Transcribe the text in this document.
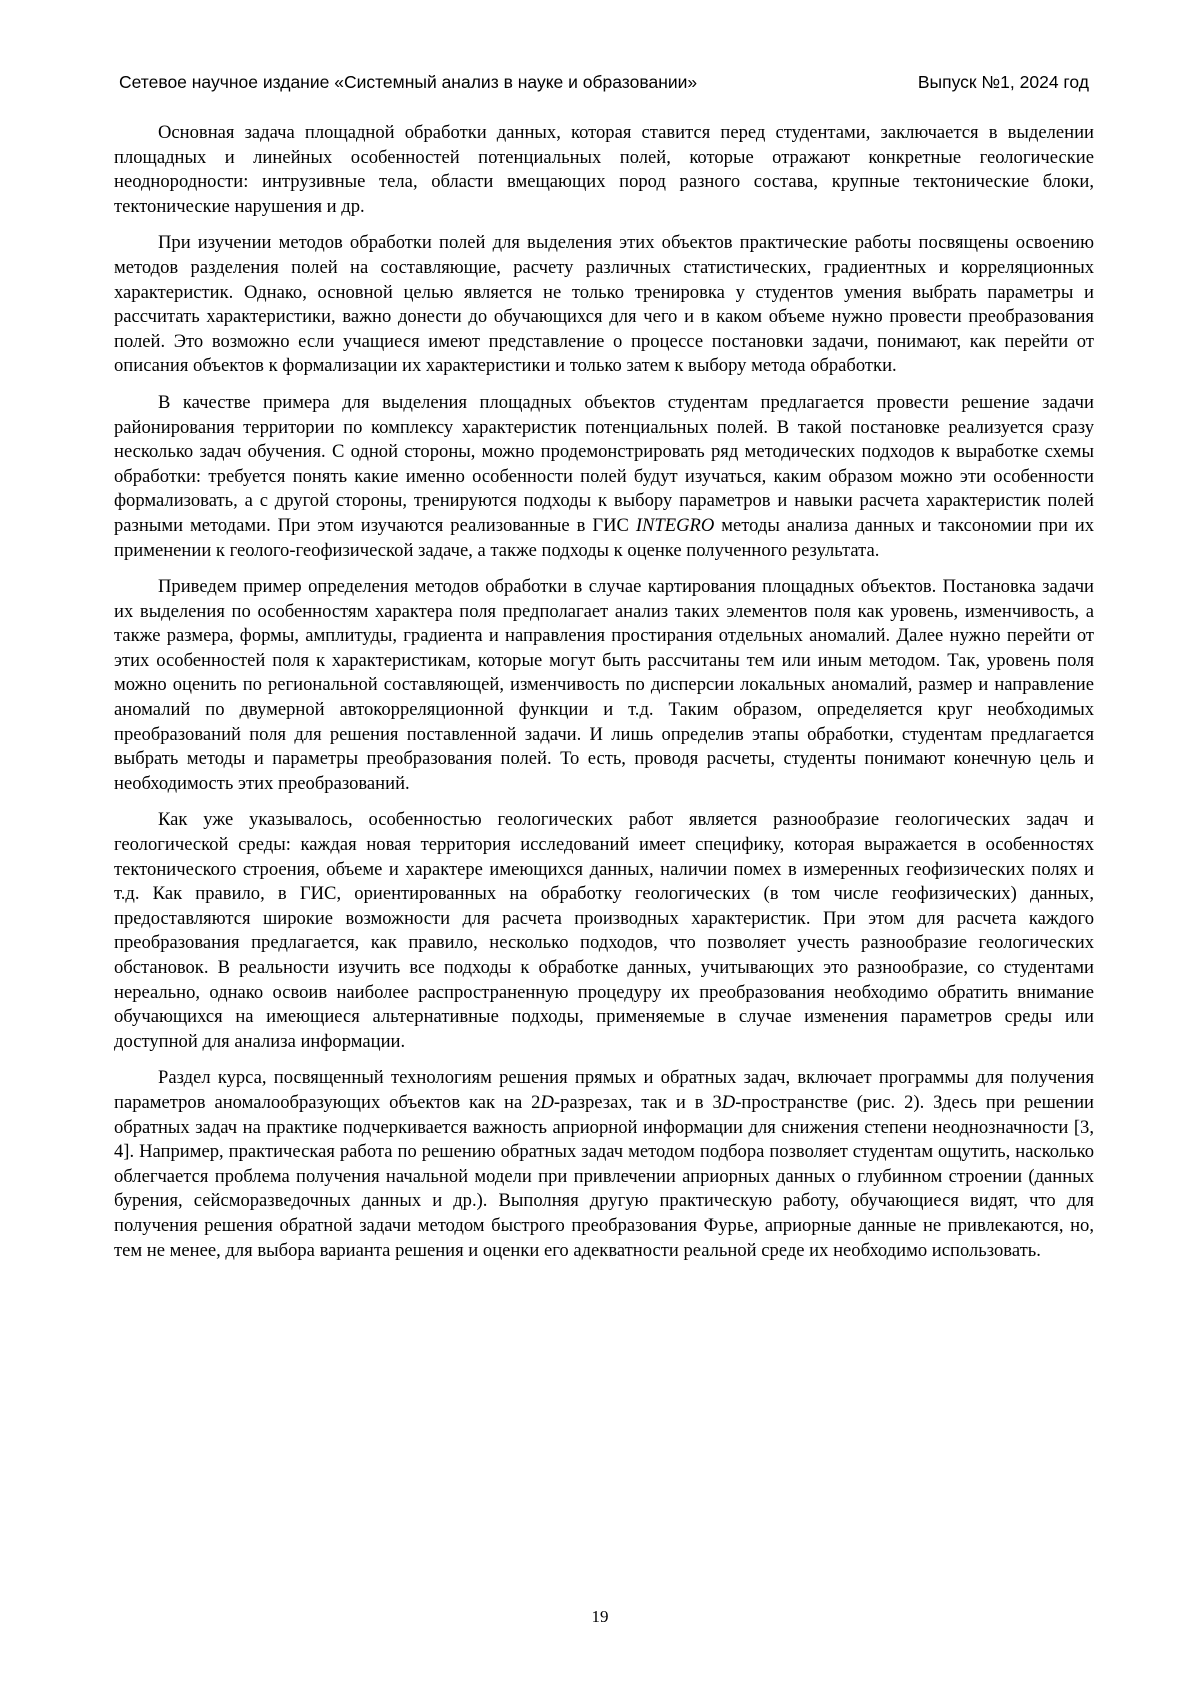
Сетевое научное издание «Системный анализ в науке и образовании»	Выпуск №1, 2024 год

Основная задача площадной обработки данных, которая ставится перед студентами, заключается в выделении площадных и линейных особенностей потенциальных полей, которые отражают конкретные геологические неоднородности: интрузивные тела, области вмещающих пород разного состава, крупные тектонические блоки, тектонические нарушения и др.

При изучении методов обработки полей для выделения этих объектов практические работы посвящены освоению методов разделения полей на составляющие, расчету различных статистических, градиентных и корреляционных характеристик. Однако, основной целью является не только тренировка у студентов умения выбрать параметры и рассчитать характеристики, важно донести до обучающихся для чего и в каком объеме нужно провести преобразования полей. Это возможно если учащиеся имеют представление о процессе постановки задачи, понимают, как перейти от описания объектов к формализации их характеристики и только затем к выбору метода обработки.

В качестве примера для выделения площадных объектов студентам предлагается провести решение задачи районирования территории по комплексу характеристик потенциальных полей. В такой постановке реализуется сразу несколько задач обучения. С одной стороны, можно продемонстрировать ряд методических подходов к выработке схемы обработки: требуется понять какие именно особенности полей будут изучаться, каким образом можно эти особенности формализовать, а с другой стороны, тренируются подходы к выбору параметров и навыки расчета характеристик полей разными методами. При этом изучаются реализованные в ГИС INTEGRO методы анализа данных и таксономии при их применении к геолого-геофизической задаче, а также подходы к оценке полученного результата.

Приведем пример определения методов обработки в случае картирования площадных объектов. Постановка задачи их выделения по особенностям характера поля предполагает анализ таких элементов поля как уровень, изменчивость, а также размера, формы, амплитуды, градиента и направления простирания отдельных аномалий. Далее нужно перейти от этих особенностей поля к характеристикам, которые могут быть рассчитаны тем или иным методом. Так, уровень поля можно оценить по региональной составляющей, изменчивость по дисперсии локальных аномалий, размер и направление аномалий по двумерной автокорреляционной функции и т.д. Таким образом, определяется круг необходимых преобразований поля для решения поставленной задачи. И лишь определив этапы обработки, студентам предлагается выбрать методы и параметры преобразования полей. То есть, проводя расчеты, студенты понимают конечную цель и необходимость этих преобразований.

Как уже указывалось, особенностью геологических работ является разнообразие геологических задач и геологической среды: каждая новая территория исследований имеет специфику, которая выражается в особенностях тектонического строения, объеме и характере имеющихся данных, наличии помех в измеренных геофизических полях и т.д. Как правило, в ГИС, ориентированных на обработку геологических (в том числе геофизических) данных, предоставляются широкие возможности для расчета производных характеристик. При этом для расчета каждого преобразования предлагается, как правило, несколько подходов, что позволяет учесть разнообразие геологических обстановок. В реальности изучить все подходы к обработке данных, учитывающих это разнообразие, со студентами нереально, однако освоив наиболее распространенную процедуру их преобразования необходимо обратить внимание обучающихся на имеющиеся альтернативные подходы, применяемые в случае изменения параметров среды или доступной для анализа информации.

Раздел курса, посвященный технологиям решения прямых и обратных задач, включает программы для получения параметров аномалообразующих объектов как на 2D-разрезах, так и в 3D-пространстве (рис. 2). Здесь при решении обратных задач на практике подчеркивается важность априорной информации для снижения степени неоднозначности [3, 4]. Например, практическая работа по решению обратных задач методом подбора позволяет студентам ощутить, насколько облегчается проблема получения начальной модели при привлечении априорных данных о глубинном строении (данных бурения, сейсморазведочных данных и др.). Выполняя другую практическую работу, обучающиеся видят, что для получения решения обратной задачи методом быстрого преобразования Фурье, априорные данные не привлекаются, но, тем не менее, для выбора варианта решения и оценки его адекватности реальной среде их необходимо использовать.

19
